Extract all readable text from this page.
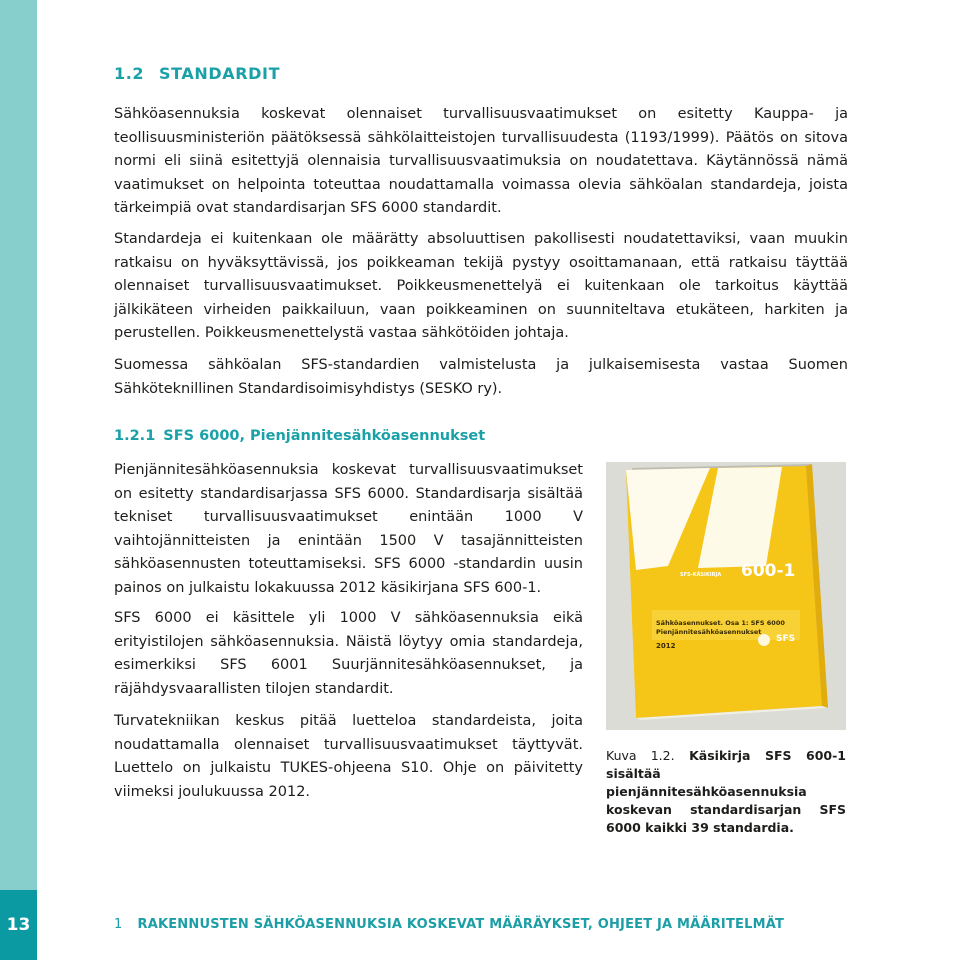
13
1.2 STANDARDIT

Sähköasennuksia koskevat olennaiset turvallisuusvaatimukset on esitetty Kauppa- ja teollisuusministeriön päätöksessä sähkölaitteistojen turvallisuudesta (1193/1999). Päätös on sitova normi eli siinä esitettyjä olennaisia turvallisuusvaatimuksia on noudatettava. Käytännössä nämä vaatimukset on helpointa toteuttaa noudattamalla voimassa olevia sähköalan standardeja, joista tärkeimpiä ovat standardisarjan SFS 6000 standardit.

Standardeja ei kuitenkaan ole määrätty absoluuttisen pakollisesti noudatettaviksi, vaan muukin ratkaisu on hyväksyttävissä, jos poikkeaman tekijä pystyy osoittamanaan, että ratkaisu täyttää olennaiset turvallisuusvaatimukset. Poikkeusmenettelyä ei kuitenkaan ole tarkoitus käyttää jälkikäteen virheiden paikkailuun, vaan poikkeaminen on suunniteltava etukäteen, harkiten ja perustellen. Poikkeusmenettelystä vastaa sähkötöiden johtaja.

Suomessa sähköalan SFS-standardien valmistelusta ja julkaisemisesta vastaa Suomen Sähköteknillinen Standardisoimisyhdistys (SESKO ry).

1.2.1 SFS 6000, Pienjännitesähköasennukset

Pienjännitesähköasennuksia koskevat turvallisuusvaatimukset on esitetty standardisarjassa SFS 6000. Standardisarja sisältää tekniset turvallisuusvaatimukset enintään 1000 V vaihtojännitteisten ja enintään 1500 V tasajännitteisten sähköasennusten toteuttamiseksi. SFS 6000 -standardin uusin painos on julkaistu lokakuussa 2012 käsikirjana SFS 600-1.

SFS 6000 ei käsittele yli 1000 V sähköasennuksia eikä erityistilojen sähköasennuksia. Näistä löytyy omia standardeja, esimerkiksi SFS 6001 Suurjännitesähköasennukset, ja räjähdysvaarallisten tilojen standardit.

Turvatekniikan keskus pitää luetteloa standardeista, joita noudattamalla olennaiset turvallisuusvaatimukset täyttyvät. Luettelo on julkaistu TUKES-ohjeena S10. Ohje on päivitetty viimeksi joulukuussa 2012.

SFS-KÄSIKIRJA 600-1
Sähköasennukset. Osa 1: SFS 6000
Pienjännitesähköasennukset
2012
SFS

Kuva 1.2. Käsikirja SFS 600-1 sisältää pienjännitesähköasennuksia koskevan standardisarjan SFS 6000 kaikki 39 standardia.

1 RAKENNUSTEN SÄHKÖASENNUKSIA KOSKEVAT MÄÄRÄYKSET, OHJEET JA MÄÄRITELMÄT
